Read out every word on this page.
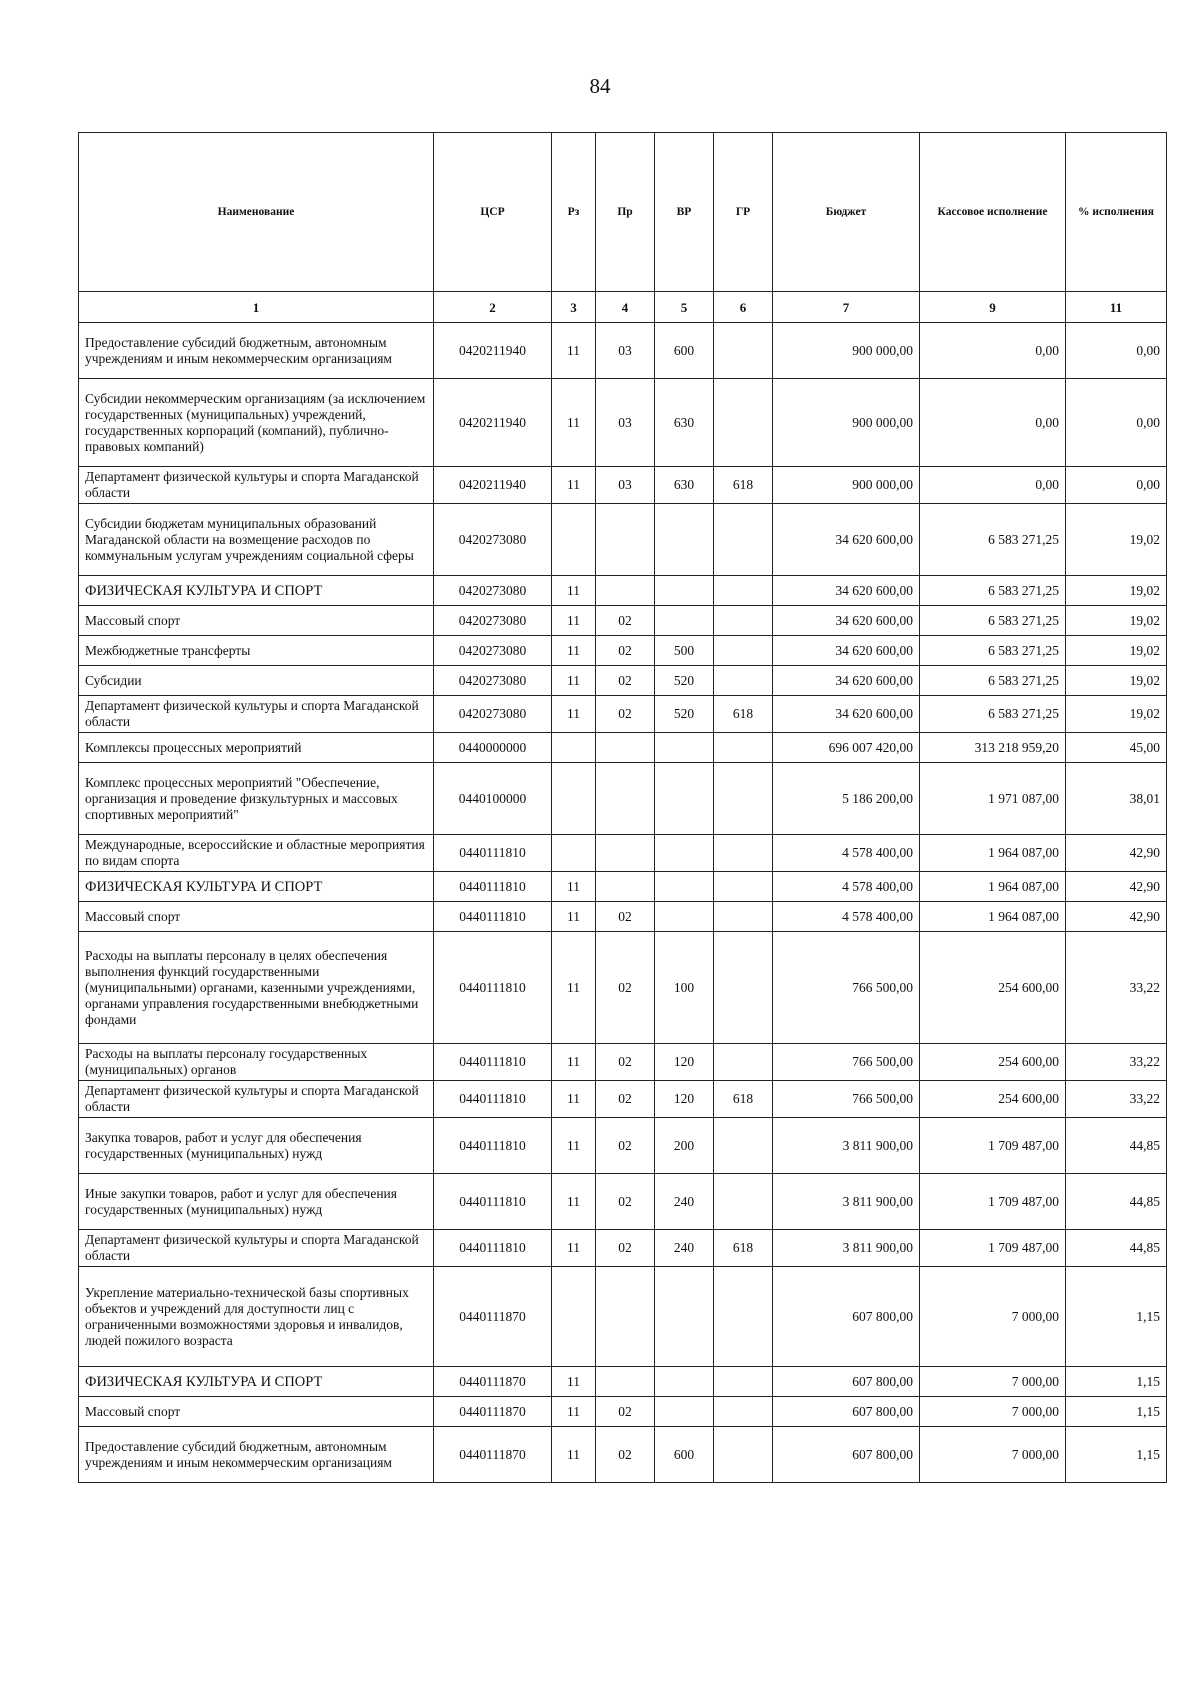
84
Наименование	ЦСР	Рз	Пр	ВР	ГР	Бюджет	Кассовое исполнение	% исполнения
1	2	3	4	5	6	7	9	11
Предоставление субсидий бюджетным, автономным учреждениям и иным некоммерческим организациям	0420211940	11	03	600		900 000,00	0,00	0,00
Субсидии некоммерческим организациям (за исключением государственных (муниципальных) учреждений, государственных корпораций (компаний), публично-правовых компаний)	0420211940	11	03	630		900 000,00	0,00	0,00
Департамент физической культуры и спорта Магаданской области	0420211940	11	03	630	618	900 000,00	0,00	0,00
Субсидии бюджетам муниципальных образований Магаданской области на возмещение расходов по коммунальным услугам учреждениям социальной сферы	0420273080					34 620 600,00	6 583 271,25	19,02
ФИЗИЧЕСКАЯ КУЛЬТУРА И СПОРТ	0420273080	11				34 620 600,00	6 583 271,25	19,02
Массовый спорт	0420273080	11	02			34 620 600,00	6 583 271,25	19,02
Межбюджетные трансферты	0420273080	11	02	500		34 620 600,00	6 583 271,25	19,02
Субсидии	0420273080	11	02	520		34 620 600,00	6 583 271,25	19,02
Департамент физической культуры и спорта Магаданской области	0420273080	11	02	520	618	34 620 600,00	6 583 271,25	19,02
Комплексы процессных мероприятий	0440000000					696 007 420,00	313 218 959,20	45,00
Комплекс процессных мероприятий "Обеспечение, организация и проведение физкультурных и массовых спортивных мероприятий"	0440100000					5 186 200,00	1 971 087,00	38,01
Международные, всероссийские и областные мероприятия по видам спорта	0440111810					4 578 400,00	1 964 087,00	42,90
ФИЗИЧЕСКАЯ КУЛЬТУРА И СПОРТ	0440111810	11				4 578 400,00	1 964 087,00	42,90
Массовый спорт	0440111810	11	02			4 578 400,00	1 964 087,00	42,90
Расходы на выплаты персоналу в целях обеспечения выполнения функций государственными (муниципальными) органами, казенными учреждениями, органами управления государственными внебюджетными фондами	0440111810	11	02	100		766 500,00	254 600,00	33,22
Расходы на выплаты персоналу государственных (муниципальных) органов	0440111810	11	02	120		766 500,00	254 600,00	33,22
Департамент физической культуры и спорта Магаданской области	0440111810	11	02	120	618	766 500,00	254 600,00	33,22
Закупка товаров, работ и услуг для обеспечения государственных (муниципальных) нужд	0440111810	11	02	200		3 811 900,00	1 709 487,00	44,85
Иные закупки товаров, работ и услуг для обеспечения государственных (муниципальных) нужд	0440111810	11	02	240		3 811 900,00	1 709 487,00	44,85
Департамент физической культуры и спорта Магаданской области	0440111810	11	02	240	618	3 811 900,00	1 709 487,00	44,85
Укрепление материально-технической базы спортивных объектов и учреждений для доступности лиц с ограниченными возможностями здоровья и инвалидов, людей пожилого возраста	0440111870					607 800,00	7 000,00	1,15
ФИЗИЧЕСКАЯ КУЛЬТУРА И СПОРТ	0440111870	11				607 800,00	7 000,00	1,15
Массовый спорт	0440111870	11	02			607 800,00	7 000,00	1,15
Предоставление субсидий бюджетным, автономным учреждениям и иным некоммерческим организациям	0440111870	11	02	600		607 800,00	7 000,00	1,15
